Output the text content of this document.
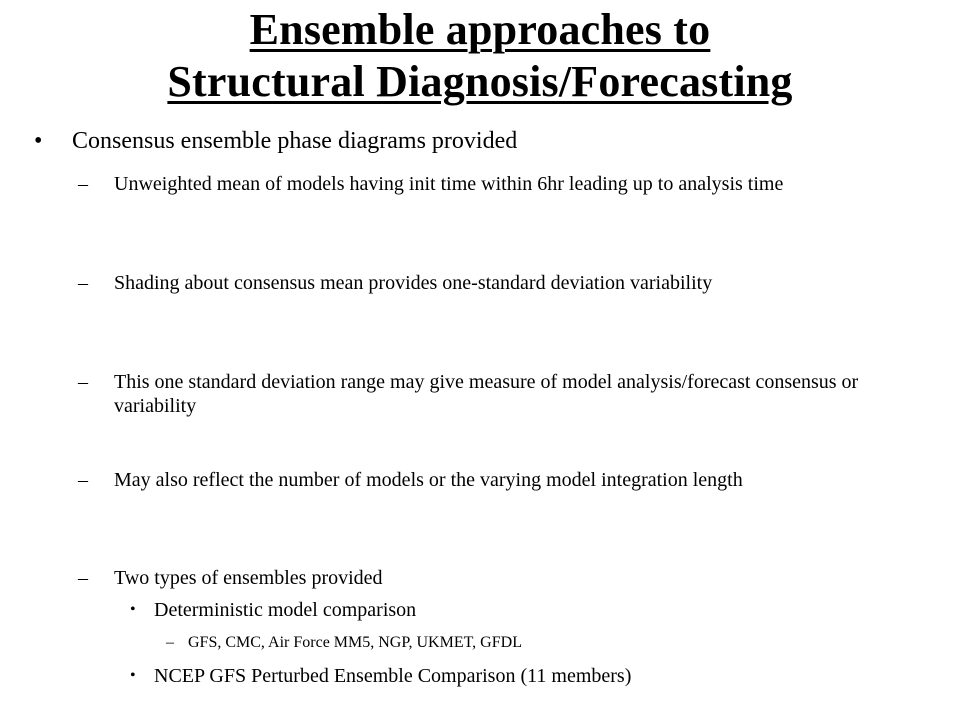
Ensemble approaches to
Structural Diagnosis/Forecasting
• Consensus ensemble phase diagrams provided
– Unweighted mean of models having init time within 6hr leading up to analysis time
– Shading about consensus mean provides one-standard deviation variability
– This one standard deviation range may give measure of model analysis/forecast consensus or variability
– May also reflect the number of models or the varying model integration length
– Two types of ensembles provided
• Deterministic model comparison
– GFS, CMC, Air Force MM5, NGP, UKMET, GFDL
• NCEP GFS Perturbed Ensemble Comparison (11 members)
